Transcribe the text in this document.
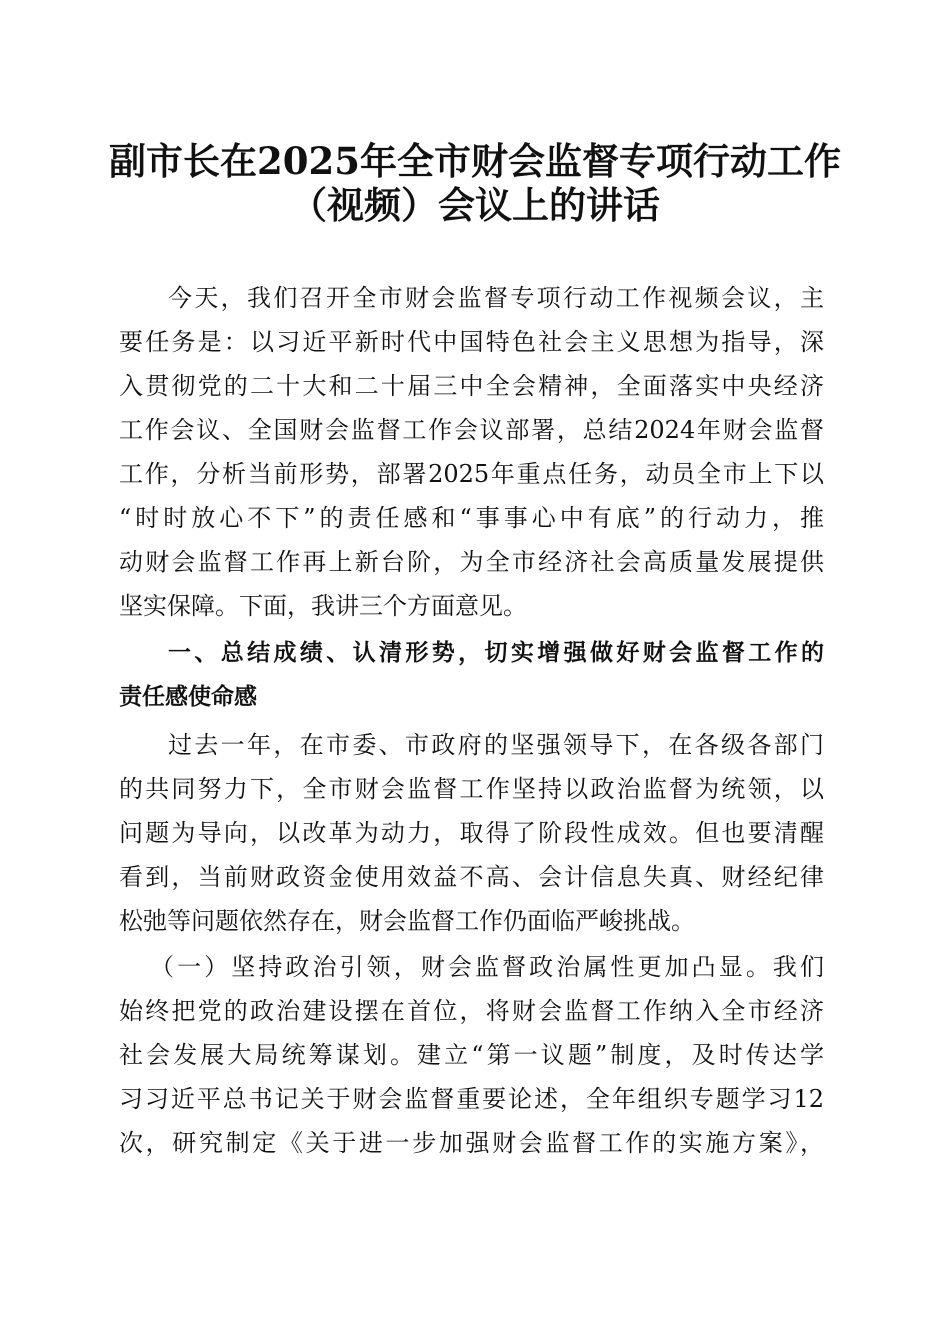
副市长在2025年全市财会监督专项行动工作
（视频）会议上的讲话
今天，我们召开全市财会监督专项行动工作视频会议，主
要任务是：以习近平新时代中国特色社会主义思想为指导，深
入贯彻党的二十大和二十届三中全会精神，全面落实中央经济
工作会议、全国财会监督工作会议部署，总结2024年财会监督
工作，分析当前形势，部署2025年重点任务，动员全市上下以
“时时放心不下”的责任感和“事事心中有底”的行动力，推
动财会监督工作再上新台阶，为全市经济社会高质量发展提供
坚实保障。下面，我讲三个方面意见。
一、总结成绩、认清形势，切实增强做好财会监督工作的
责任感使命感
过去一年，在市委、市政府的坚强领导下，在各级各部门
的共同努力下，全市财会监督工作坚持以政治监督为统领，以
问题为导向，以改革为动力，取得了阶段性成效。但也要清醒
看到，当前财政资金使用效益不高、会计信息失真、财经纪律
松弛等问题依然存在，财会监督工作仍面临严峻挑战。
（一）坚持政治引领，财会监督政治属性更加凸显。我们
始终把党的政治建设摆在首位，将财会监督工作纳入全市经济
社会发展大局统筹谋划。建立“第一议题”制度，及时传达学
习习近平总书记关于财会监督重要论述，全年组织专题学习12
次，研究制定《关于进一步加强财会监督工作的实施方案》，
